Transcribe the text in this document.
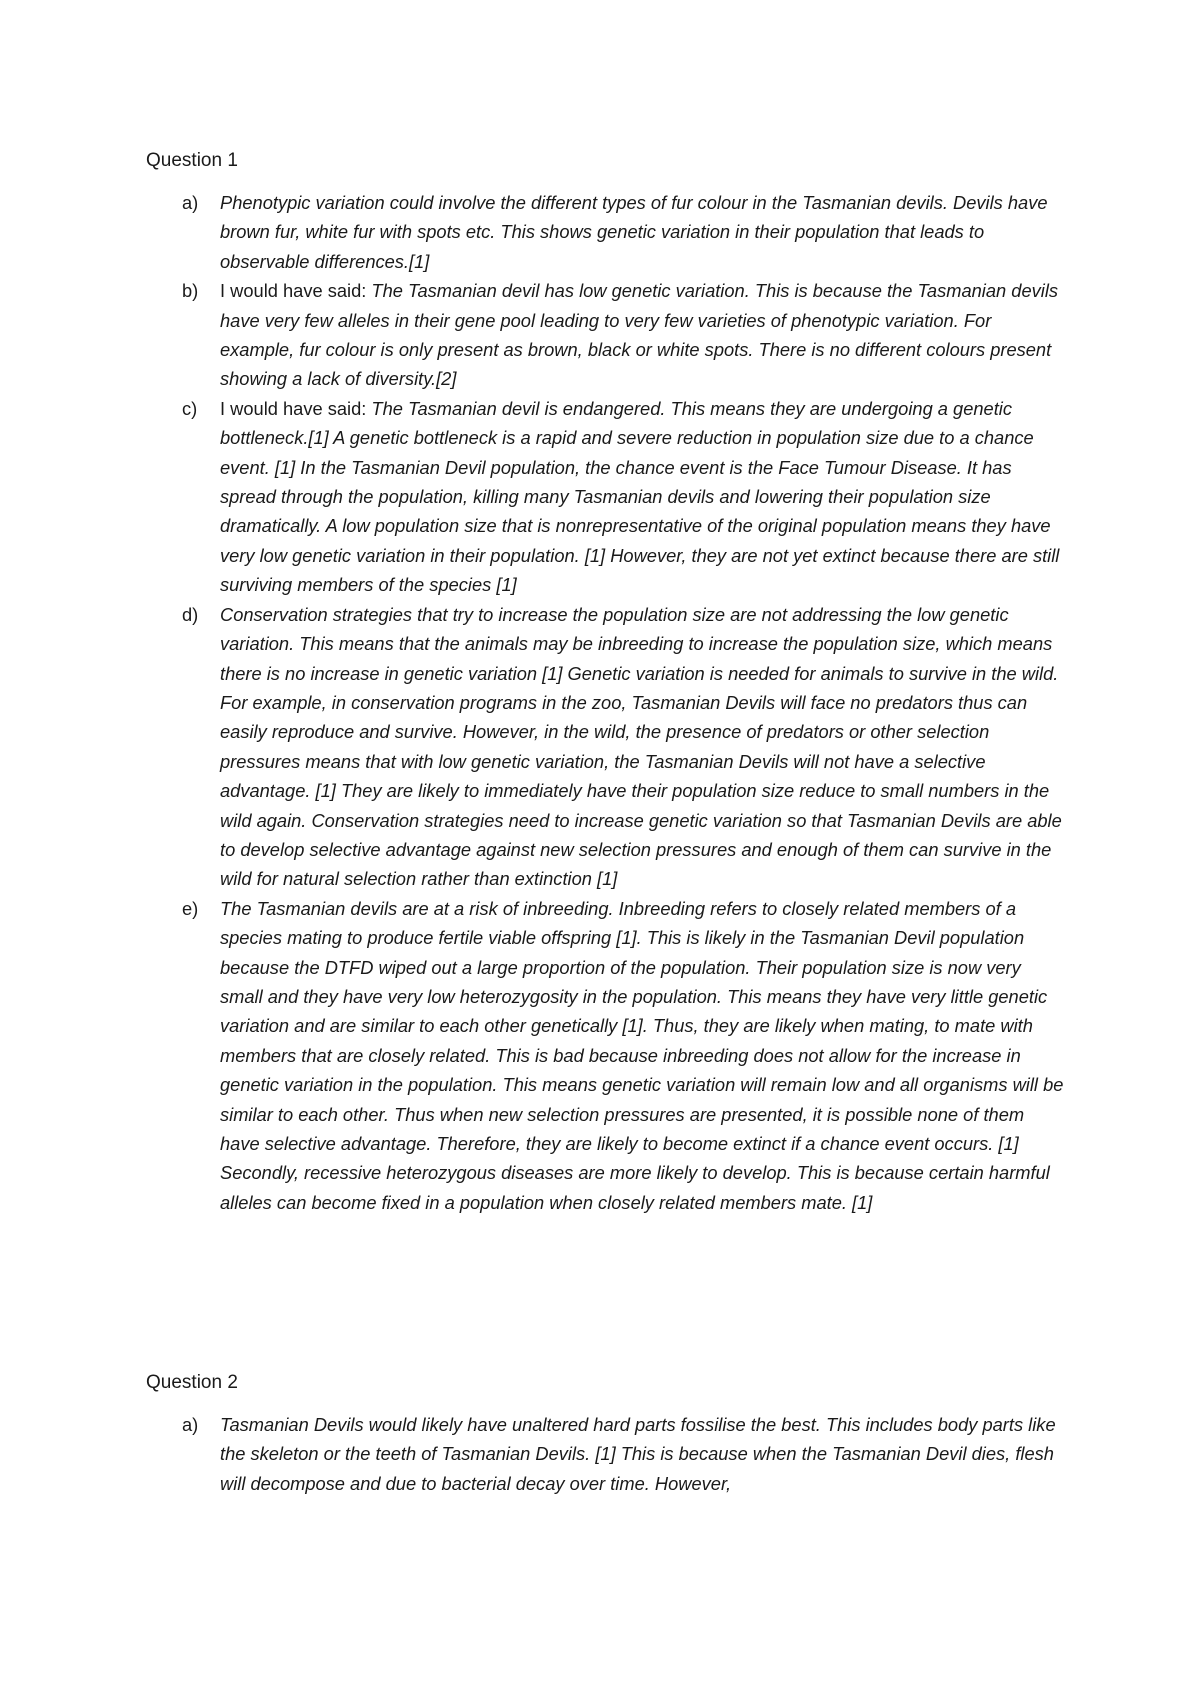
Question 1
a) Phenotypic variation could involve the different types of fur colour in the Tasmanian devils. Devils have brown fur, white fur with spots etc. This shows genetic variation in their population that leads to observable differences.[1]
b) I would have said: The Tasmanian devil has low genetic variation. This is because the Tasmanian devils have very few alleles in their gene pool leading to very few varieties of phenotypic variation. For example, fur colour is only present as brown, black or white spots. There is no different colours present showing a lack of diversity.[2]
c) I would have said: The Tasmanian devil is endangered. This means they are undergoing a genetic bottleneck.[1] A genetic bottleneck is a rapid and severe reduction in population size due to a chance event. [1] In the Tasmanian Devil population, the chance event is the Face Tumour Disease. It has spread through the population, killing many Tasmanian devils and lowering their population size dramatically. A low population size that is nonrepresentative of the original population means they have very low genetic variation in their population. [1] However, they are not yet extinct because there are still surviving members of the species [1]
d) Conservation strategies that try to increase the population size are not addressing the low genetic variation. This means that the animals may be inbreeding to increase the population size, which means there is no increase in genetic variation [1] Genetic variation is needed for animals to survive in the wild. For example, in conservation programs in the zoo, Tasmanian Devils will face no predators thus can easily reproduce and survive. However, in the wild, the presence of predators or other selection pressures means that with low genetic variation, the Tasmanian Devils will not have a selective advantage. [1] They are likely to immediately have their population size reduce to small numbers in the wild again. Conservation strategies need to increase genetic variation so that Tasmanian Devils are able to develop selective advantage against new selection pressures and enough of them can survive in the wild for natural selection rather than extinction [1]
e) The Tasmanian devils are at a risk of inbreeding. Inbreeding refers to closely related members of a species mating to produce fertile viable offspring [1]. This is likely in the Tasmanian Devil population because the DTFD wiped out a large proportion of the population. Their population size is now very small and they have very low heterozygosity in the population. This means they have very little genetic variation and are similar to each other genetically [1]. Thus, they are likely when mating, to mate with members that are closely related. This is bad because inbreeding does not allow for the increase in genetic variation in the population. This means genetic variation will remain low and all organisms will be similar to each other. Thus when new selection pressures are presented, it is possible none of them have selective advantage. Therefore, they are likely to become extinct if a chance event occurs. [1] Secondly, recessive heterozygous diseases are more likely to develop. This is because certain harmful alleles can become fixed in a population when closely related members mate. [1]
Question 2
a) Tasmanian Devils would likely have unaltered hard parts fossilise the best. This includes body parts like the skeleton or the teeth of Tasmanian Devils. [1] This is because when the Tasmanian Devil dies, flesh will decompose and due to bacterial decay over time. However,
